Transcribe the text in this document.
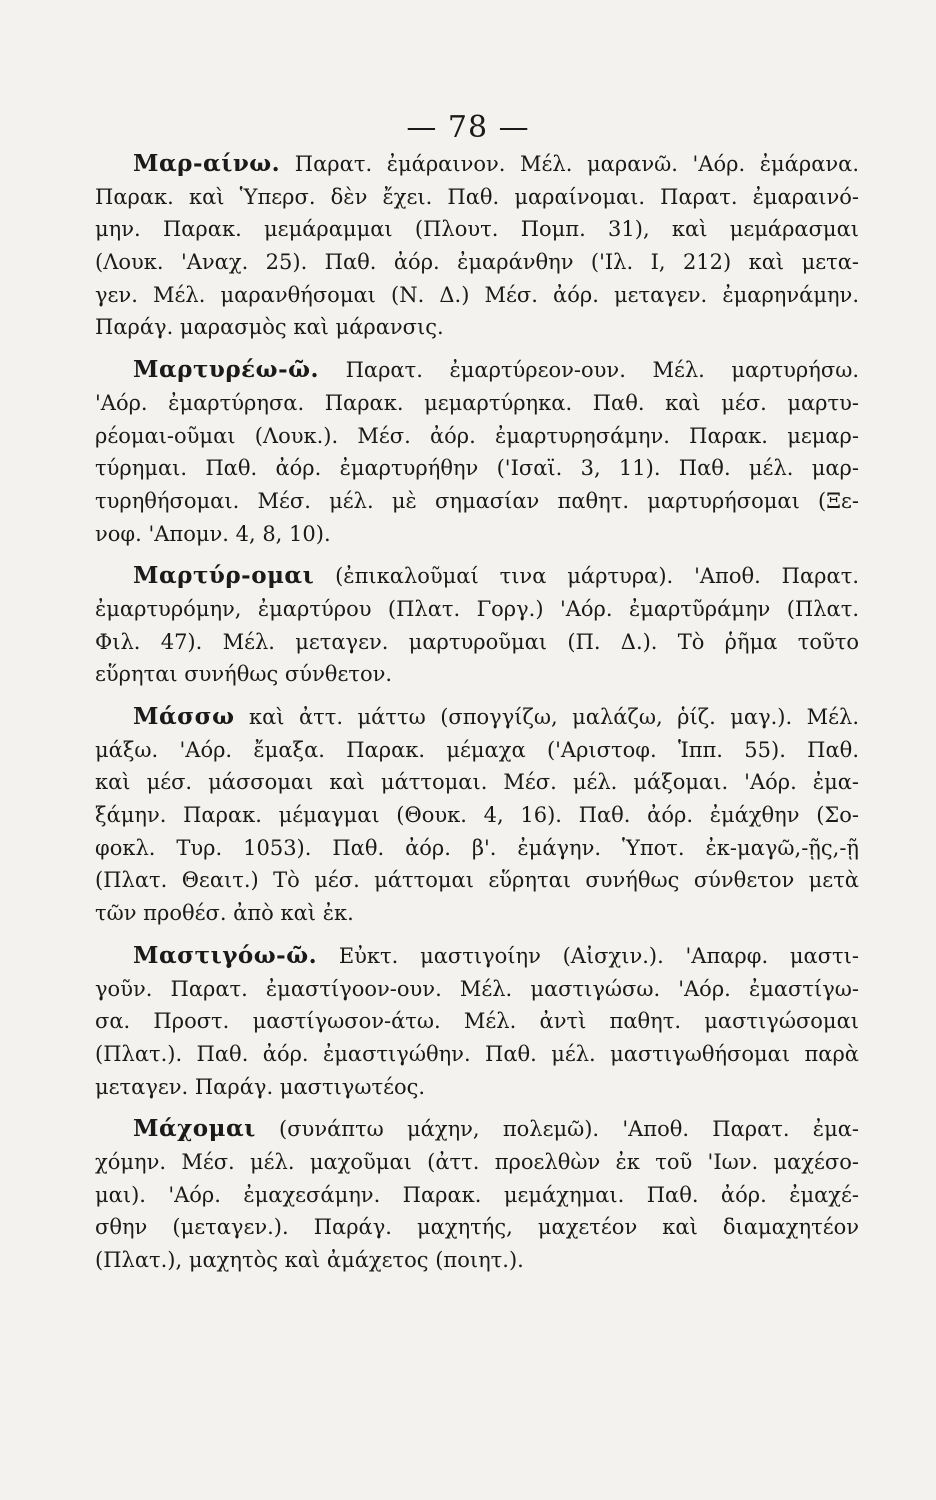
— 78 —
Μαρ-αίνω. Παρατ. ἐμάραινον. Μέλ. μαρανῶ. 'Αόρ. ἐμάρανα.
Παρακ. καὶ Ὑπερσ. δὲν ἔχει. Παθ. μαραίνομαι. Παρατ. ἐμαραινό-
μην. Παρακ. μεμάραμμαι (Πλουτ. Πομπ. 31), καὶ μεμάρασμαι
(Λουκ. 'Αναχ. 25). Παθ. ἀόρ. ἐμαράνθην ('Ιλ. Ι, 212) καὶ μετα-
γεν. Μέλ. μαρανθήσομαι (Ν. Δ.) Μέσ. ἀόρ. μεταγεν. ἐμαρηνάμην.
Παράγ. μαρασμὸς καὶ μάρανσις.
Μαρτυρέω-ῶ. Παρατ. ἐμαρτύρεον-ουν. Μέλ. μαρτυρήσω.
'Αόρ. ἐμαρτύρησα. Παρακ. μεμαρτύρηκα. Παθ. καὶ μέσ. μαρτυ-
ρέομαι-οῦμαι (Λουκ.). Μέσ. ἀόρ. ἐμαρτυρησάμην. Παρακ. μεμαρ-
τύρημαι. Παθ. ἀόρ. ἐμαρτυρήθην ('Ισαϊ. 3, 11). Παθ. μέλ. μαρ-
τυρηθήσομαι. Μέσ. μέλ. μὲ σημασίαν παθητ. μαρτυρήσομαι (Ξε-
νοφ. 'Απομν. 4, 8, 10).
Μαρτύρ-ομαι (ἐπικαλοῦμαί τινα μάρτυρα). 'Αποθ. Παρατ.
ἐμαρτυρόμην, ἐμαρτύρου (Πλατ. Γοργ.) 'Αόρ. ἐμαρτῦράμην (Πλατ.
Φιλ. 47). Μέλ. μεταγεν. μαρτυροῦμαι (Π. Δ.). Τὸ ῥῆμα τοῦτο
εὕρηται συνήθως σύνθετον.
Μάσσω καὶ ἀττ. μάττω (σπογγίζω, μαλάζω, ῥίζ. μαγ.). Μέλ.
μάξω. 'Αόρ. ἔμαξα. Παρακ. μέμαχα ('Αριστοφ. Ἱππ. 55). Παθ.
καὶ μέσ. μάσσομαι καὶ μάττομαι. Μέσ. μέλ. μάξομαι. 'Αόρ. ἐμα-
ξάμην. Παρακ. μέμαγμαι (Θουκ. 4, 16). Παθ. ἀόρ. ἐμάχθην (Σο-
φοκλ. Τυρ. 1053). Παθ. ἀόρ. β'. ἐμάγην. Ὑποτ. ἐκ-μαγῶ,-ῇς,-ῇ
(Πλατ. Θεαιτ.) Τὸ μέσ. μάττομαι εὕρηται συνήθως σύνθετον μετὰ
τῶν προθέσ. ἀπὸ καὶ ἐκ.
Μαστιγόω-ῶ. Εὐκτ. μαστιγοίην (Αἰσχιν.). 'Απαρφ. μαστι-
γοῦν. Παρατ. ἐμαστίγοον-ουν. Μέλ. μαστιγώσω. 'Αόρ. ἐμαστίγω-
σα. Προστ. μαστίγωσον-άτω. Μέλ. ἀντὶ παθητ. μαστιγώσομαι
(Πλατ.). Παθ. ἀόρ. ἐμαστιγώθην. Παθ. μέλ. μαστιγωθήσομαι παρὰ
μεταγεν. Παράγ. μαστιγωτέος.
Μάχομαι (συνάπτω μάχην, πολεμῶ). 'Αποθ. Παρατ. ἐμα-
χόμην. Μέσ. μέλ. μαχοῦμαι (ἀττ. προελθὼν ἐκ τοῦ 'Ιων. μαχέσο-
μαι). 'Αόρ. ἐμαχεσάμην. Παρακ. μεμάχημαι. Παθ. ἀόρ. ἐμαχέ-
σθην (μεταγεν.). Παράγ. μαχητής, μαχετέον καὶ διαμαχητέον
(Πλατ.), μαχητὸς καὶ ἀμάχετος (ποιητ.).
